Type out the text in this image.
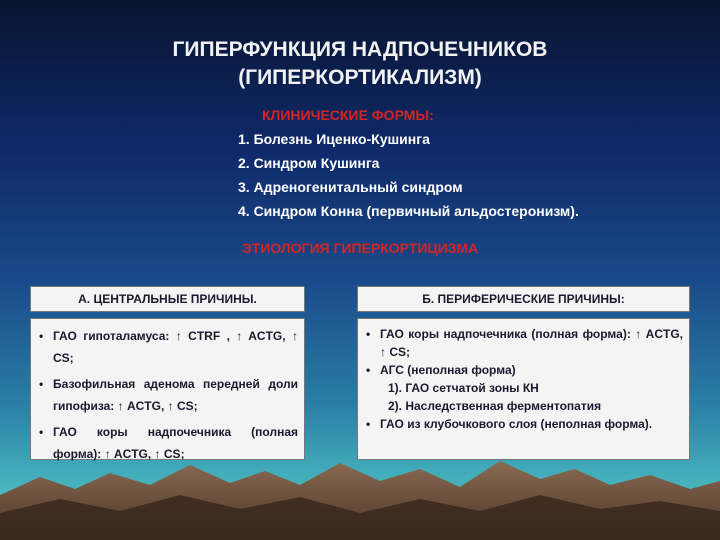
ГИПЕРФУНКЦИЯ НАДПОЧЕЧНИКОВ
(ГИПЕРКОРТИКАЛИЗМ)
КЛИНИЧЕСКИЕ ФОРМЫ:
1. Болезнь Иценко-Кушинга
2. Синдром Кушинга
3. Адреногенитальный синдром
4. Синдром Конна (первичный альдостеронизм).
ЭТИОЛОГИЯ ГИПЕРКОРТИЦИЗМА
А. ЦЕНТРАЛЬНЫЕ ПРИЧИНЫ.	Б. ПЕРИФЕРИЧЕСКИЕ ПРИЧИНЫ:
• ГАО гипоталамуса: ↑ CTRF , ↑ ACTG, ↑ CS;
• Базофильная аденома передней доли гипофиза: ↑ ACTG, ↑ CS;
• ГАО коры надпочечника (полная форма): ↑ ACTG, ↑ CS;
• ГАО коры надпочечника (полная форма): ↑ ACTG, ↑ CS;
• АГС (неполная форма)
1). ГАО сетчатой зоны КН
2). Наследственная ферментопатия
• ГАО из клубочкового слоя (неполная форма).
